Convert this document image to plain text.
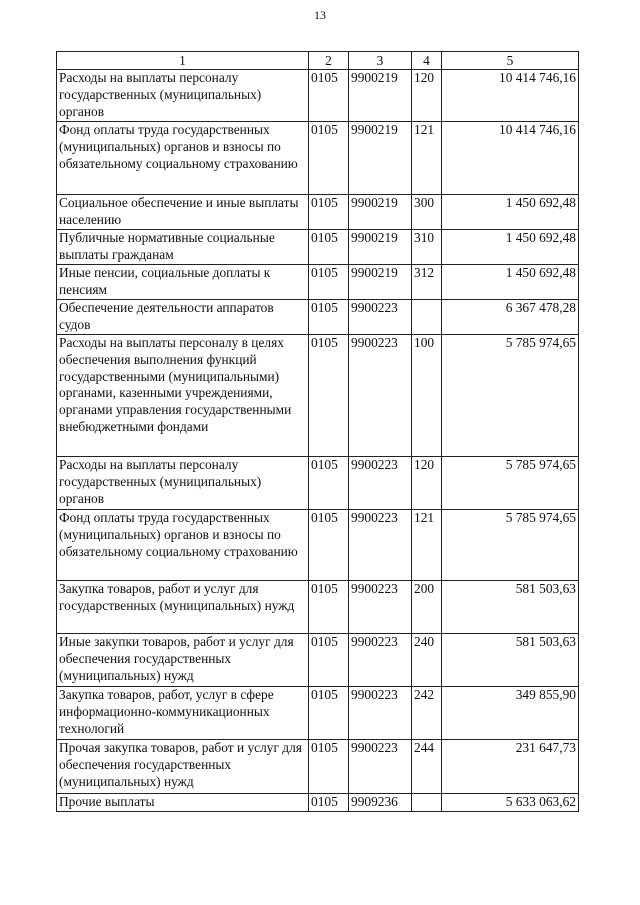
13
1	2	3	4	5
Расходы на выплаты персоналу государственных (муниципальных) органов	0105	9900219	120	10 414 746,16
Фонд оплаты труда государственных (муниципальных) органов и взносы по обязательному социальному страхованию	0105	9900219	121	10 414 746,16
Социальное обеспечение и иные выплаты населению	0105	9900219	300	1 450 692,48
Публичные нормативные социальные выплаты гражданам	0105	9900219	310	1 450 692,48
Иные пенсии, социальные доплаты к пенсиям	0105	9900219	312	1 450 692,48
Обеспечение деятельности аппаратов судов	0105	9900223		6 367 478,28
Расходы на выплаты персоналу в целях обеспечения выполнения функций государственными (муниципальными) органами, казенными учреждениями, органами управления государственными внебюджетными фондами	0105	9900223	100	5 785 974,65
Расходы на выплаты персоналу государственных (муниципальных) органов	0105	9900223	120	5 785 974,65
Фонд оплаты труда государственных (муниципальных) органов и взносы по обязательному социальному страхованию	0105	9900223	121	5 785 974,65
Закупка товаров, работ и услуг для государственных (муниципальных) нужд	0105	9900223	200	581 503,63
Иные закупки товаров, работ и услуг для обеспечения государственных (муниципальных) нужд	0105	9900223	240	581 503,63
Закупка товаров, работ, услуг в сфере информационно-коммуникационных технологий	0105	9900223	242	349 855,90
Прочая закупка товаров, работ и услуг для обеспечения государственных (муниципальных) нужд	0105	9900223	244	231 647,73
Прочие выплаты	0105	9909236		5 633 063,62
